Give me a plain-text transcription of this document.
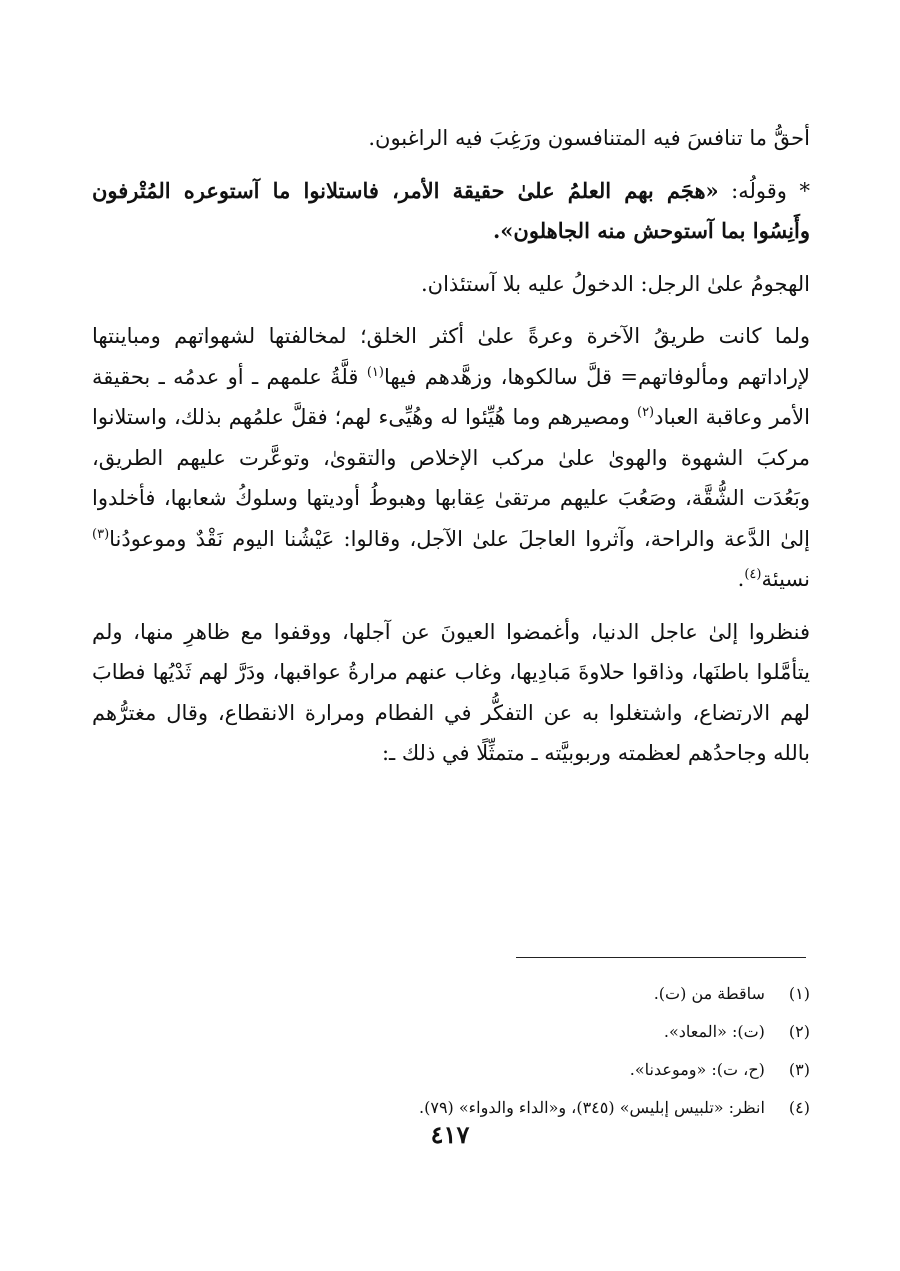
أحقُّ ما تنافسَ فيه المتنافسون ورَغِبَ فيه الراغبون.

* وقولُه: «هجَم بهم العلمُ علىٰ حقيقة الأمر، فاستلانوا ما آستوعره المُتْرفون وأَنِسُوا بما آستوحش منه الجاهلون».

الهجومُ علىٰ الرجل: الدخولُ عليه بلا آستئذان.

ولما كانت طريقُ الآخرة وعرةً علىٰ أكثر الخلق؛ لمخالفتها لشهواتهم ومباينتها لإراداتهم ومألوفاتهم= قلَّ سالكوها، وزهَّدهم فيها$^{(١)}$ قلَّةُ علمهم ـ أو عدمُه ـ بحقيقة الأمر وعاقبة العباد$^{(٢)}$ ومصيرهم وما هُيِّئوا له وهُيِّىء لهم؛ فقلَّ علمُهم بذلك، واستلانوا مركبَ الشهوة والهوىٰ علىٰ مركب الإخلاص والتقوىٰ، وتوعَّرت عليهم الطريق، وبَعُدَت الشُّقَّة، وصَعُبَ عليهم مرتقىٰ عِقابها وهبوطُ أوديتها وسلوكُ شعابها، فأخلدوا إلىٰ الدَّعة والراحة، وآثروا العاجلَ علىٰ الآجل، وقالوا: عَيْشُنا اليوم نَقْدٌ وموعودُنا$^{(٣)}$ نسيئة$^{(٤)}$.

فنظروا إلىٰ عاجل الدنيا، وأغمضوا العيونَ عن آجلها، ووقفوا مع ظاهرِ منها، ولم يتأمَّلوا باطنَها، وذاقوا حلاوةَ مَبادِيها، وغاب عنهم مرارةُ عواقبها، ودَرَّ لهم ثَدْيُها فطابَ لهم الارتضاع، واشتغلوا به عن التفكُّر في الفطام ومرارة الانقطاع، وقال مغترُّهم بالله وجاحدُهم لعظمته وربوبيَّته ـ متمثِّلًا في ذلك ـ:

(١) ساقطة من (ت).

(٢) (ت): «المعاد».

(٣) (ح، ت): «وموعدنا».

(٤) انظر: «تلبيس إبليس» (٣٤٥)، و«الداء والدواء» (٧٩).

٤١٧
